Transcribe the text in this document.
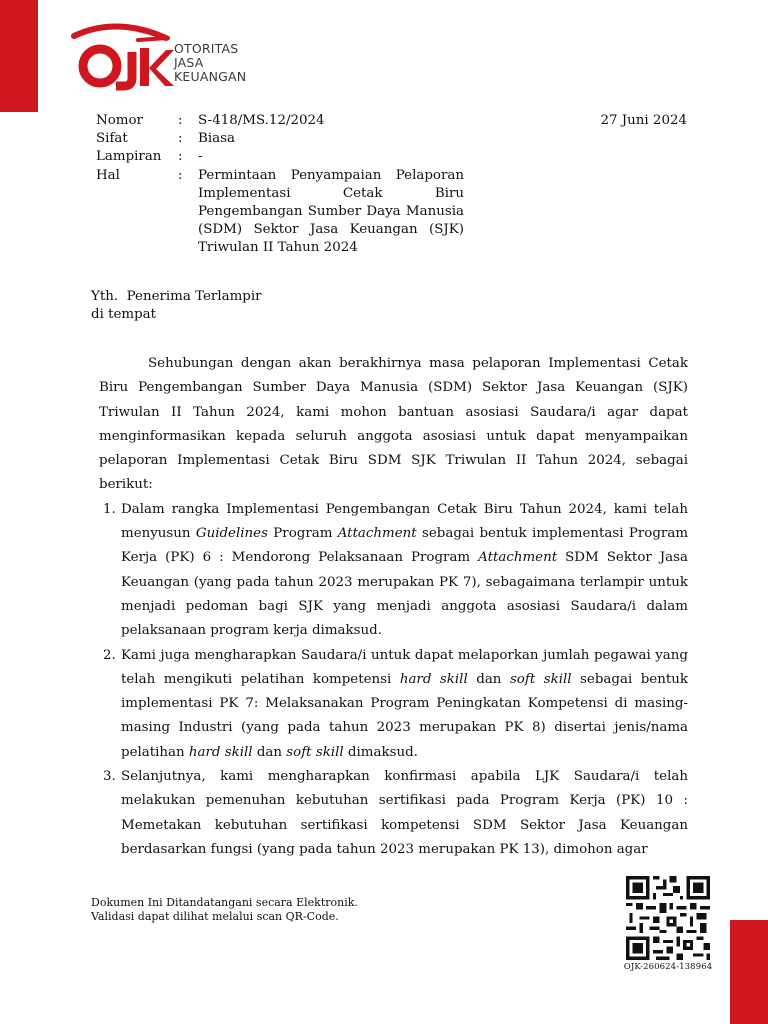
OTORITAS
JASA
KEUANGAN
Nomor	:	S-418/MS.12/2024
Sifat	:	Biasa
Lampiran	:	-
Hal	:	Permintaan Penyampaian Pelaporan Implementasi Cetak Biru Pengembangan Sumber Daya Manusia (SDM) Sektor Jasa Keuangan (SJK) Triwulan II Tahun 2024
27 Juni 2024
Yth.  Penerima Terlampir
di tempat

Sehubungan dengan akan berakhirnya masa pelaporan Implementasi Cetak Biru Pengembangan Sumber Daya Manusia (SDM) Sektor Jasa Keuangan (SJK) Triwulan II Tahun 2024, kami mohon bantuan asosiasi Saudara/i agar dapat menginformasikan kepada seluruh anggota asosiasi untuk dapat menyampaikan pelaporan Implementasi Cetak Biru SDM SJK Triwulan II Tahun 2024, sebagai berikut:

1. Dalam rangka Implementasi Pengembangan Cetak Biru Tahun 2024, kami telah menyusun Guidelines Program Attachment sebagai bentuk implementasi Program Kerja (PK) 6 : Mendorong Pelaksanaan Program Attachment SDM Sektor Jasa Keuangan (yang pada tahun 2023 merupakan PK 7), sebagaimana terlampir untuk menjadi pedoman bagi SJK yang menjadi anggota asosiasi Saudara/i dalam pelaksanaan program kerja dimaksud.
2. Kami juga mengharapkan Saudara/i untuk dapat melaporkan jumlah pegawai yang telah mengikuti pelatihan kompetensi hard skill dan soft skill sebagai bentuk implementasi PK 7: Melaksanakan Program Peningkatan Kompetensi di masing-masing Industri (yang pada tahun 2023 merupakan PK 8) disertai jenis/nama pelatihan hard skill dan soft skill dimaksud.
3. Selanjutnya, kami mengharapkan konfirmasi apabila LJK Saudara/i telah melakukan pemenuhan kebutuhan sertifikasi pada Program Kerja (PK) 10 : Memetakan kebutuhan sertifikasi kompetensi SDM Sektor Jasa Keuangan berdasarkan fungsi (yang pada tahun 2023 merupakan PK 13), dimohon agar
Dokumen Ini Ditandatangani secara Elektronik.
Validasi dapat dilihat melalui scan QR-Code.
OJK-260624-138964
